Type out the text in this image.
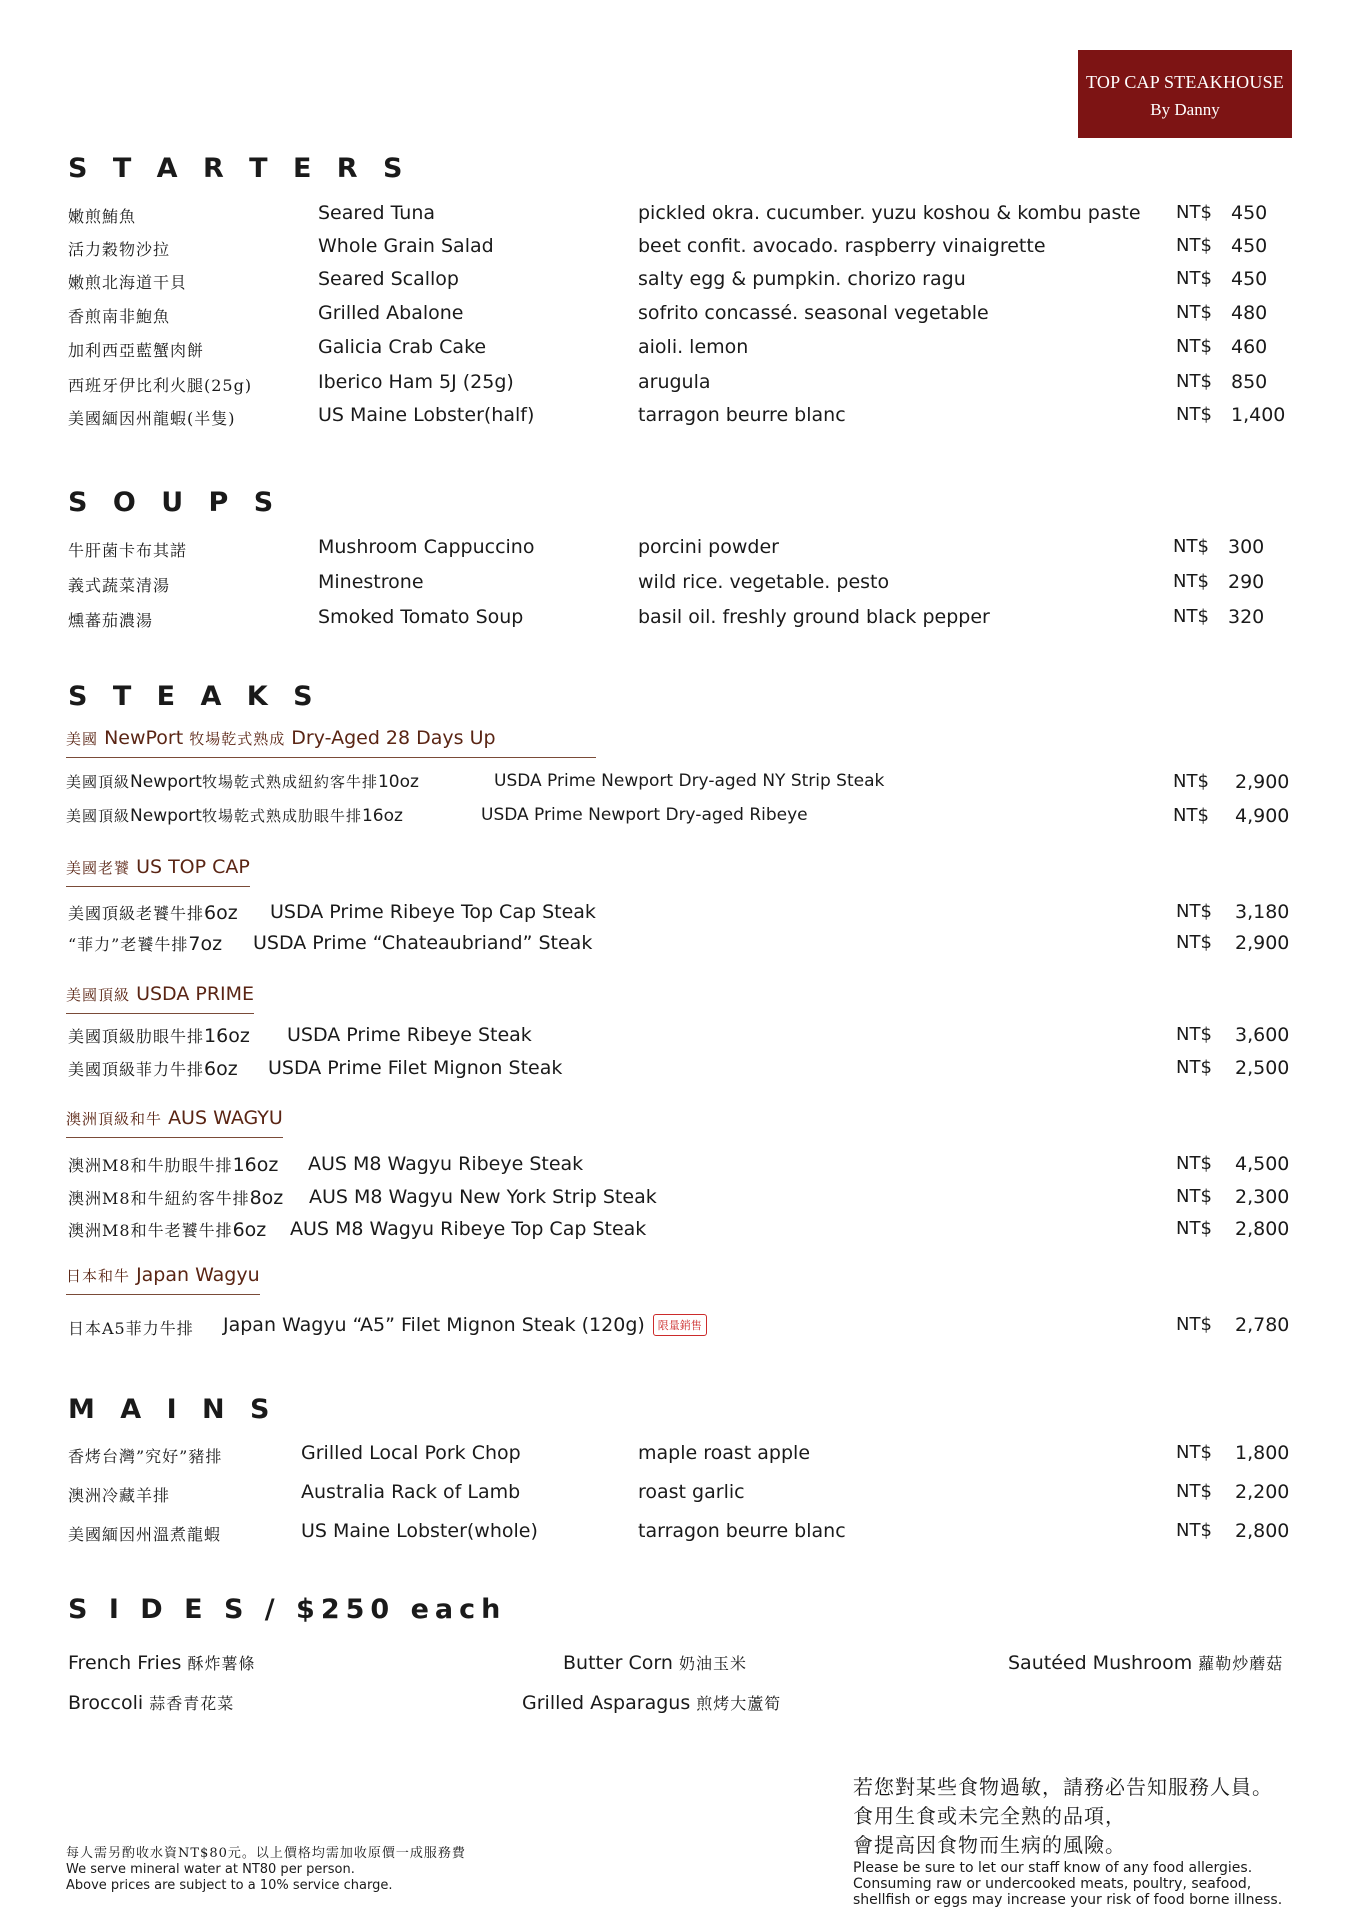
TOP CAP STEAKHOUSE
By Danny
S T A R T E R S
嫩煎鮪魚	Seared Tuna	pickled okra. cucumber. yuzu koshou & kombu paste NT$ 450
活力穀物沙拉	Whole Grain Salad	beet confit. avocado. raspberry vinaigrette	NT$ 450
嫩煎北海道干貝	Seared Scallop	salty egg & pumpkin. chorizo ragu	NT$ 450
香煎南非鮑魚	Grilled Abalone	sofrito concassé. seasonal vegetable	NT$ 480
加利西亞藍蟹肉餅	Galicia Crab Cake	aioli. lemon	NT$ 460
西班牙伊比利火腿(25g)	Iberico Ham 5J (25g)	arugula	NT$ 850
美國緬因州龍蝦(半隻)	US Maine Lobster(half)	tarragon beurre blanc	NT$ 1,400
S O U P S
牛肝菌卡布其諾	Mushroom Cappuccino	porcini powder	NT$ 300
義式蔬菜清湯	Minestrone	wild rice. vegetable. pesto	NT$ 290
燻蕃茄濃湯	Smoked Tomato Soup	basil oil. freshly ground black pepper	NT$ 320
S T E A K S
美國 NewPort 牧場乾式熟成 Dry-Aged 28 Days Up
美國頂級Newport牧場乾式熟成紐約客牛排10oz	USDA Prime Newport Dry-aged NY Strip Steak	NT$ 2,900
美國頂級Newport牧場乾式熟成肋眼牛排16oz	USDA Prime Newport Dry-aged Ribeye	NT$ 4,900
美國老饕 US TOP CAP
美國頂級老饕牛排6oz USDA Prime Ribeye Top Cap Steak	NT$ 3,180
“菲力”老饕牛排7oz USDA Prime “Chateaubriand” Steak	NT$ 2,900
美國頂級 USDA PRIME
美國頂級肋眼牛排16oz USDA Prime Ribeye Steak	NT$ 3,600
美國頂級菲力牛排6oz USDA Prime Filet Mignon Steak	NT$ 2,500
澳洲頂級和牛 AUS WAGYU
澳洲M8和牛肋眼牛排16oz AUS M8 Wagyu Ribeye Steak	NT$ 4,500
澳洲M8和牛紐約客牛排8oz AUS M8 Wagyu New York Strip Steak	NT$ 2,300
澳洲M8和牛老饕牛排6oz AUS M8 Wagyu Ribeye Top Cap Steak	NT$ 2,800
日本和牛 Japan Wagyu
日本A5菲力牛排 Japan Wagyu “A5” Filet Mignon Steak (120g)	限量銷售	NT$ 2,780
M A I N S
香烤台灣”究好”豬排	Grilled Local Pork Chop	maple roast apple	NT$ 1,800
澳洲冷藏羊排	Australia Rack of Lamb	roast garlic	NT$ 2,200
美國緬因州溫煮龍蝦	US Maine Lobster(whole)	tarragon beurre blanc	NT$ 2,800
S I D E S / $250 each
French Fries 酥炸薯條	Butter Corn 奶油玉米	Sautéed Mushroom 蘿勒炒蘑菇
Broccoli 蒜香青花菜	Grilled Asparagus 煎烤大蘆筍
每人需另酌收水資NT$80元。以上價格均需加收原價一成服務費
We serve mineral water at NT80 per person.
Above prices are subject to a 10% service charge.
若您對某些食物過敏，請務必告知服務人員。
食用生食或未完全熟的品項，
會提高因食物而生病的風險。
Please be sure to let our staff know of any food allergies.
Consuming raw or undercooked meats, poultry, seafood,
shellfish or eggs may increase your risk of food borne illness.
